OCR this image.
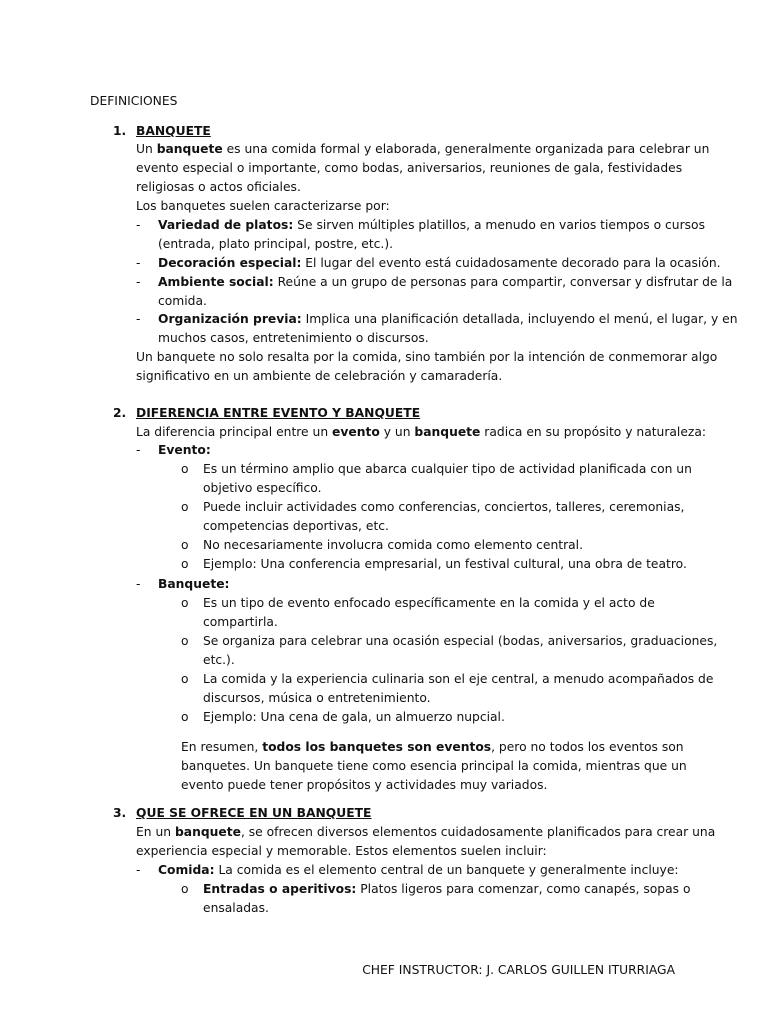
DEFINICIONES
1. BANQUETE
Un banquete es una comida formal y elaborada, generalmente organizada para celebrar un
evento especial o importante, como bodas, aniversarios, reuniones de gala, festividades
religiosas o actos oficiales.
Los banquetes suelen caracterizarse por:
- Variedad de platos: Se sirven múltiples platillos, a menudo en varios tiempos o cursos
(entrada, plato principal, postre, etc.).
- Decoración especial: El lugar del evento está cuidadosamente decorado para la ocasión.
- Ambiente social: Reúne a un grupo de personas para compartir, conversar y disfrutar de la
comida.
- Organización previa: Implica una planificación detallada, incluyendo el menú, el lugar, y en
muchos casos, entretenimiento o discursos.
Un banquete no solo resalta por la comida, sino también por la intención de conmemorar algo
significativo en un ambiente de celebración y camaradería.
2. DIFERENCIA ENTRE EVENTO Y BANQUETE
La diferencia principal entre un evento y un banquete radica en su propósito y naturaleza:
- Evento:
o Es un término amplio que abarca cualquier tipo de actividad planificada con un
objetivo específico.
o Puede incluir actividades como conferencias, conciertos, talleres, ceremonias,
competencias deportivas, etc.
o No necesariamente involucra comida como elemento central.
o Ejemplo: Una conferencia empresarial, un festival cultural, una obra de teatro.
- Banquete:
o Es un tipo de evento enfocado específicamente en la comida y el acto de
compartirla.
o Se organiza para celebrar una ocasión especial (bodas, aniversarios, graduaciones,
etc.).
o La comida y la experiencia culinaria son el eje central, a menudo acompañados de
discursos, música o entretenimiento.
o Ejemplo: Una cena de gala, un almuerzo nupcial.
En resumen, todos los banquetes son eventos, pero no todos los eventos son
banquetes. Un banquete tiene como esencia principal la comida, mientras que un
evento puede tener propósitos y actividades muy variados.
3. QUE SE OFRECE EN UN BANQUETE
En un banquete, se ofrecen diversos elementos cuidadosamente planificados para crear una
experiencia especial y memorable. Estos elementos suelen incluir:
- Comida: La comida es el elemento central de un banquete y generalmente incluye:
o Entradas o aperitivos: Platos ligeros para comenzar, como canapés, sopas o
ensaladas.
CHEF INSTRUCTOR: J. CARLOS GUILLEN ITURRIAGA
